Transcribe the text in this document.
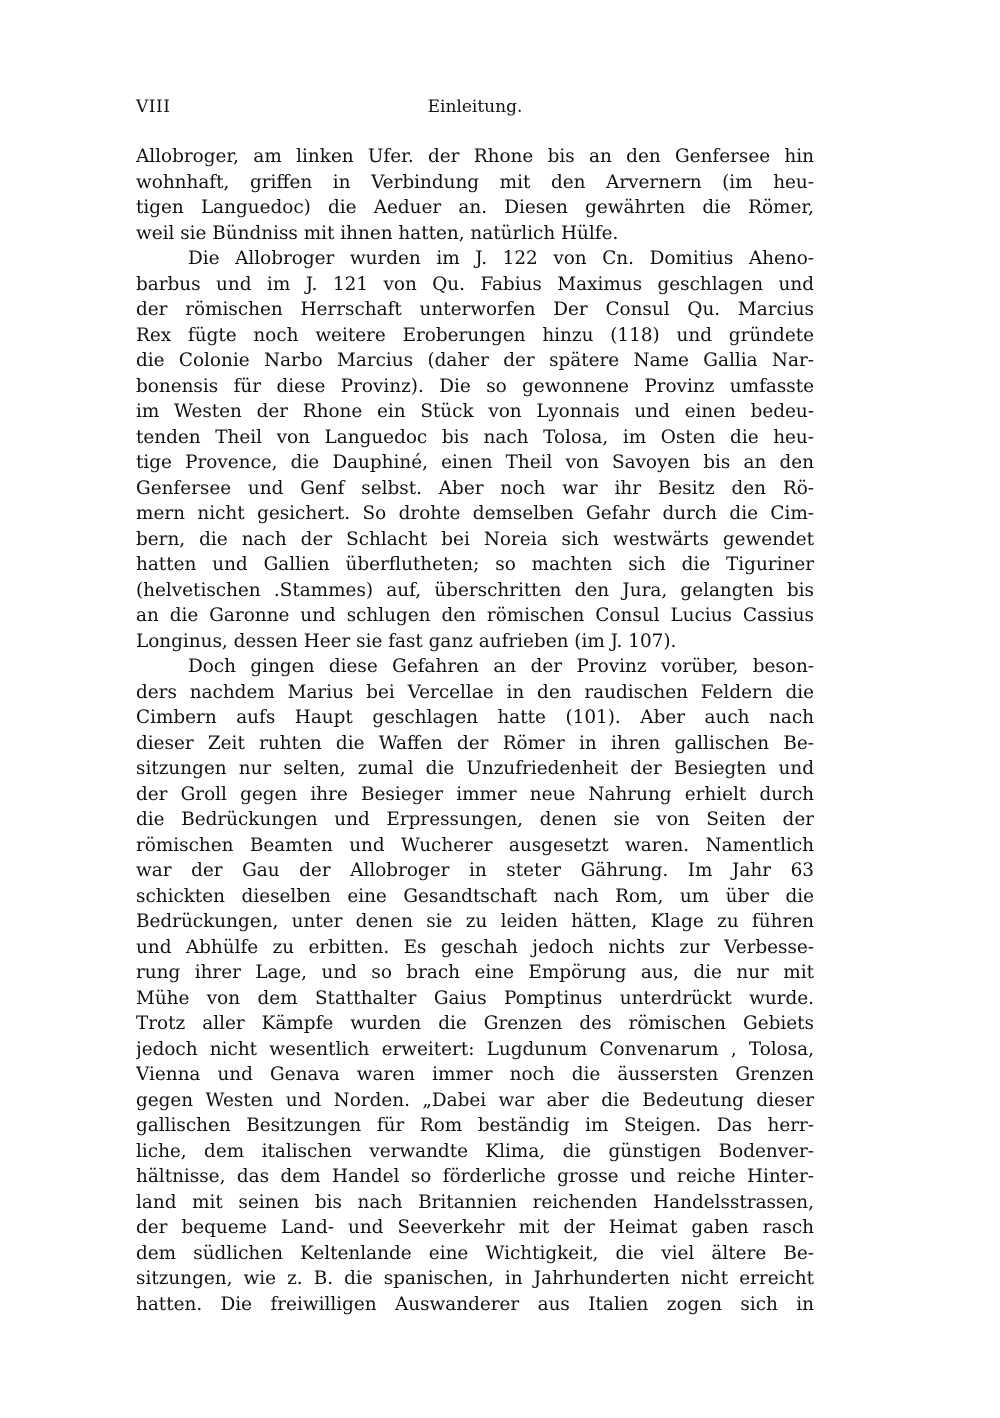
VIII	Einleitung.
Allobroger, am linken Ufer. der Rhone bis an den Genfersee hin
wohnhaft, griffen in Verbindung mit den Arvernern (im heu-
tigen Languedoc) die Aeduer an. Diesen gewährten die Römer,
weil sie Bündniss mit ihnen hatten, natürlich Hülfe.
Die Allobroger wurden im J. 122 von Cn. Domitius Aheno-
barbus und im J. 121 von Qu. Fabius Maximus geschlagen und
der römischen Herrschaft unterworfen Der Consul Qu. Marcius
Rex fügte noch weitere Eroberungen hinzu (118) und gründete
die Colonie Narbo Marcius (daher der spätere Name Gallia Nar-
bonensis für diese Provinz). Die so gewonnene Provinz umfasste
im Westen der Rhone ein Stück von Lyonnais und einen bedeu-
tenden Theil von Languedoc bis nach Tolosa, im Osten die heu-
tige Provence, die Dauphiné, einen Theil von Savoyen bis an den
Genfersee und Genf selbst. Aber noch war ihr Besitz den Rö-
mern nicht gesichert. So drohte demselben Gefahr durch die Cim-
bern, die nach der Schlacht bei Noreia sich westwärts gewendet
hatten und Gallien überflutheten; so machten sich die Tiguriner
(helvetischen .Stammes) auf, überschritten den Jura, gelangten bis
an die Garonne und schlugen den römischen Consul Lucius Cassius
Longinus, dessen Heer sie fast ganz aufrieben (im J. 107).
Doch gingen diese Gefahren an der Provinz vorüber, beson-
ders nachdem Marius bei Vercellae in den raudischen Feldern die
Cimbern aufs Haupt geschlagen hatte (101). Aber auch nach
dieser Zeit ruhten die Waffen der Römer in ihren gallischen Be-
sitzungen nur selten, zumal die Unzufriedenheit der Besiegten und
der Groll gegen ihre Besieger immer neue Nahrung erhielt durch
die Bedrückungen und Erpressungen, denen sie von Seiten der
römischen Beamten und Wucherer ausgesetzt waren. Namentlich
war der Gau der Allobroger in steter Gährung. Im Jahr 63
schickten dieselben eine Gesandtschaft nach Rom, um über die
Bedrückungen, unter denen sie zu leiden hätten, Klage zu führen
und Abhülfe zu erbitten. Es geschah jedoch nichts zur Verbesse-
rung ihrer Lage, und so brach eine Empörung aus, die nur mit
Mühe von dem Statthalter Gaius Pomptinus unterdrückt wurde.
Trotz aller Kämpfe wurden die Grenzen des römischen Gebiets
jedoch nicht wesentlich erweitert: Lugdunum Convenarum , Tolosa,
Vienna und Genava waren immer noch die äussersten Grenzen
gegen Westen und Norden. „Dabei war aber die Bedeutung dieser
gallischen Besitzungen für Rom beständig im Steigen. Das herr-
liche, dem italischen verwandte Klima, die günstigen Bodenver-
hältnisse, das dem Handel so förderliche grosse und reiche Hinter-
land mit seinen bis nach Britannien reichenden Handelsstrassen,
der bequeme Land- und Seeverkehr mit der Heimat gaben rasch
dem südlichen Keltenlande eine Wichtigkeit, die viel ältere Be-
sitzungen, wie z. B. die spanischen, in Jahrhunderten nicht erreicht
hatten. Die freiwilligen Auswanderer aus Italien zogen sich in
